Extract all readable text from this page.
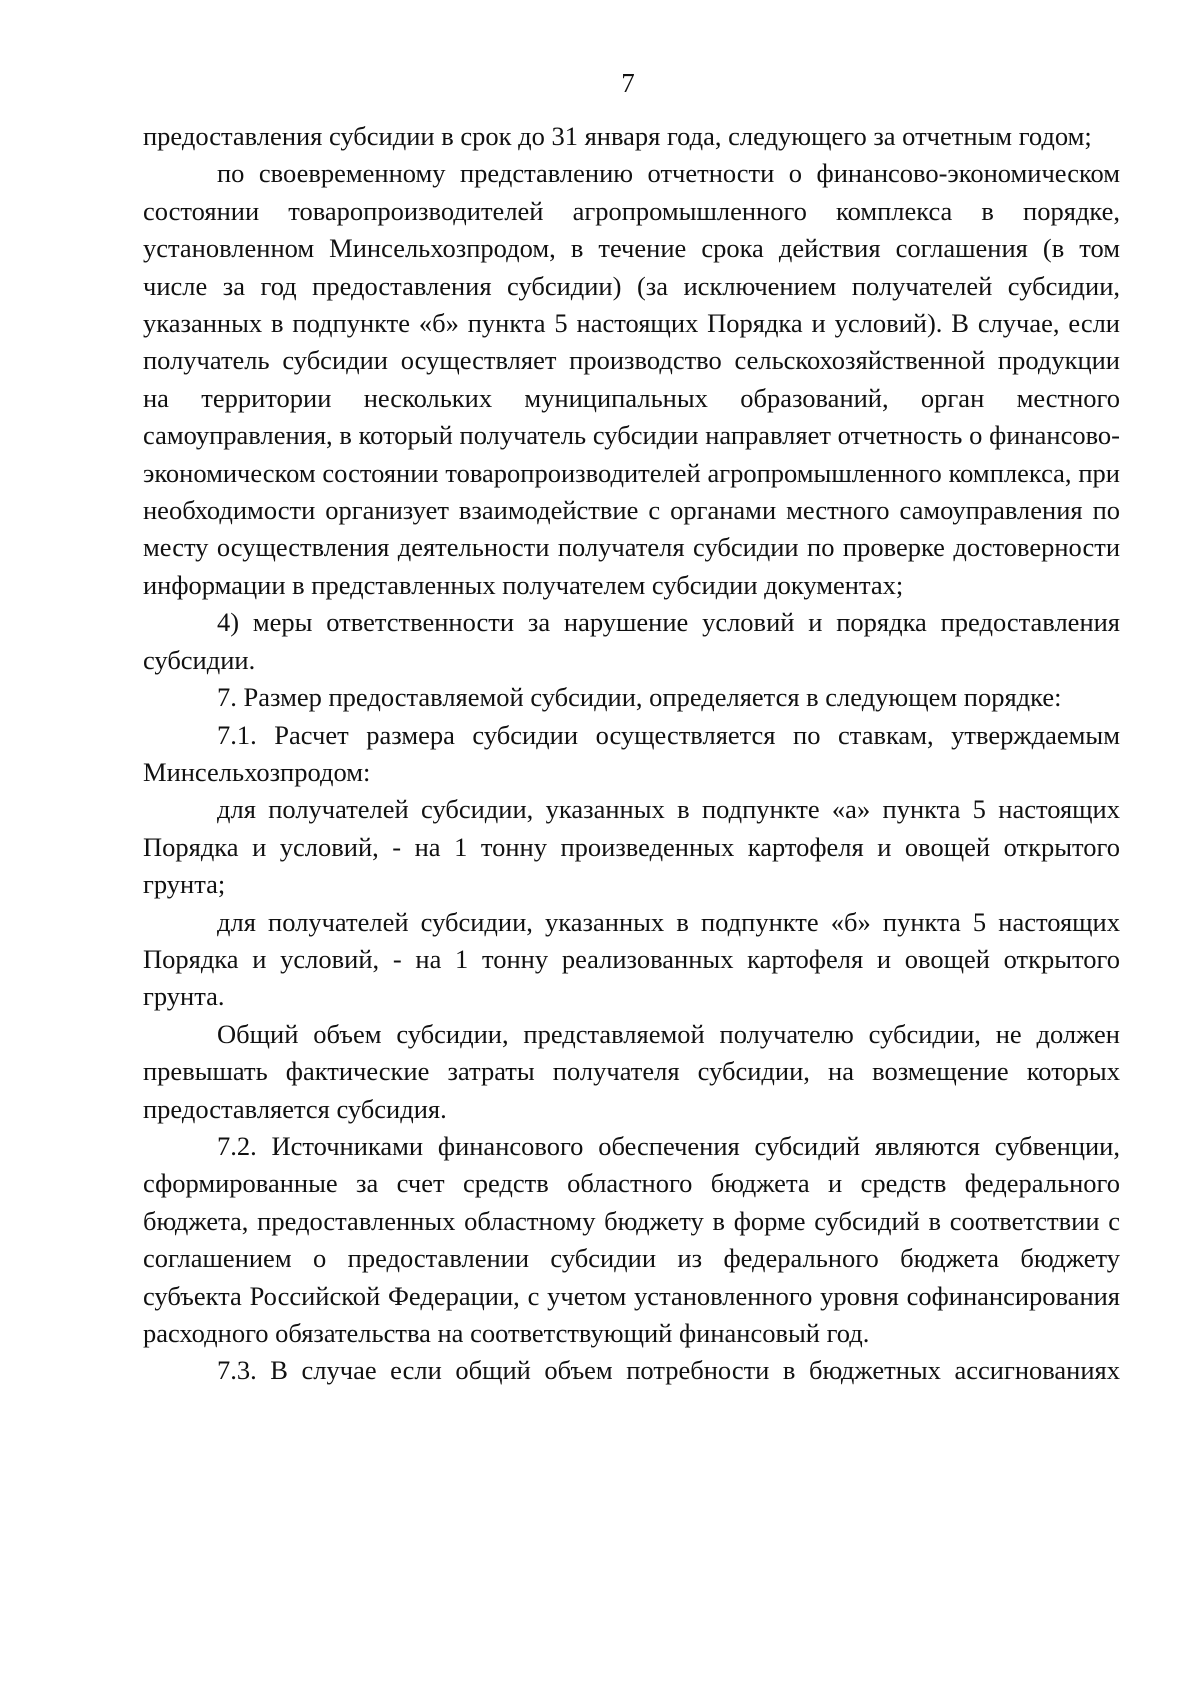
7

предоставления субсидии в срок до 31 января года, следующего за отчетным годом;

по своевременному представлению отчетности о финансово-экономическом состоянии товаропроизводителей агропромышленного комплекса в порядке, установленном Минсельхозпродом, в течение срока действия соглашения (в том числе за год предоставления субсидии) (за исключением получателей субсидии, указанных в подпункте «б» пункта 5 настоящих Порядка и условий). В случае, если получатель субсидии осуществляет производство сельскохозяйственной продукции на территории нескольких муниципальных образований, орган местного самоуправления, в который получатель субсидии направляет отчетность о финансово-экономическом состоянии товаропроизводителей агропромышленного комплекса, при необходимости организует взаимодействие с органами местного самоуправления по месту осуществления деятельности получателя субсидии по проверке достоверности информации в представленных получателем субсидии документах;

4) меры ответственности за нарушение условий и порядка предоставления субсидии.

7. Размер предоставляемой субсидии, определяется в следующем порядке:

7.1. Расчет размера субсидии осуществляется по ставкам, утверждаемым Минсельхозпродом:

для получателей субсидии, указанных в подпункте «а» пункта 5 настоящих Порядка и условий, - на 1 тонну произведенных картофеля и овощей открытого грунта;

для получателей субсидии, указанных в подпункте «б» пункта 5 настоящих Порядка и условий, - на 1 тонну реализованных картофеля и овощей открытого грунта.

Общий объем субсидии, представляемой получателю субсидии, не должен превышать фактические затраты получателя субсидии, на возмещение которых предоставляется субсидия.

7.2. Источниками финансового обеспечения субсидий являются субвенции, сформированные за счет средств областного бюджета и средств федерального бюджета, предоставленных областному бюджету в форме субсидий в соответствии с соглашением о предоставлении субсидии из федерального бюджета бюджету субъекта Российской Федерации, с учетом установленного уровня софинансирования расходного обязательства на соответствующий финансовый год.

7.3. В случае если общий объем потребности в бюджетных ассигнованиях
